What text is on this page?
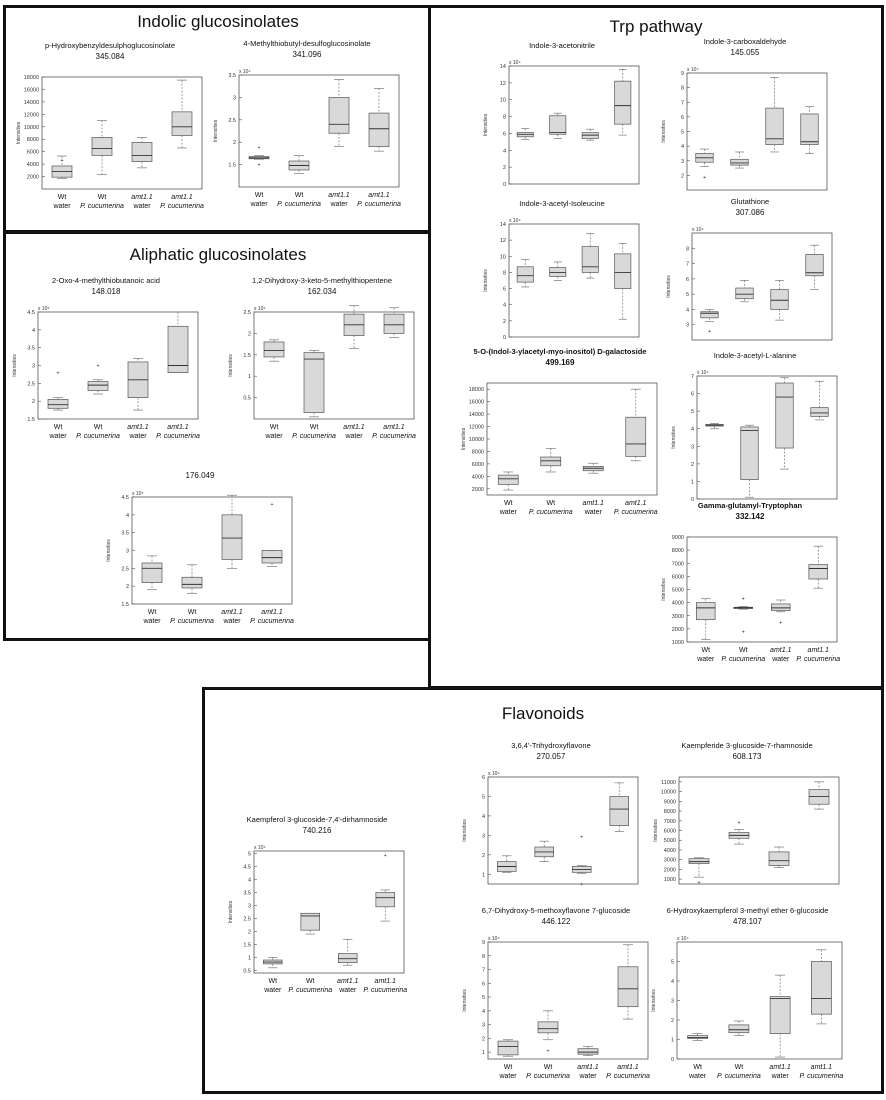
Indolic glucosinolates
Aliphatic glucosinolates
Trp pathway
Flavonoids
p-Hydroxybenzyldesulphoglucosinolate
345.084
Intensities
2000
4000
6000
8000
10000
12000
14000
16000
18000
+
Wt
water
Wt
P. cucumerina
amt1.1
water
amt1.1
P. cucumerina
4-Methylthiobutyl-desulfoglucosinolate
341.096
x 10⁴
Intensities
1.5
2
2.5
3
3.5
+
+
Wt
water
Wt
P. cucumerina
amt1.1
water
amt1.1
P. cucumerina
2-Oxo-4-methylthiobutanoic acid
148.018
x 10⁵
Intensities
1.5
2
2.5
3
3.5
4
4.5
+
Wt
water
+
Wt
P. cucumerina
amt1.1
water
amt1.1
P. cucumerina
1,2-Dihydroxy-3-keto-5-methylthiopentene
162.034
x 10⁴
Intensities
0.5
1
1.5
2
2.5
Wt
water
Wt
P. cucumerina
amt1.1
water
amt1.1
P. cucumerina
176.049
x 10⁵
Intensities
1.5
2
2.5
3
3.5
4
4.5
Wt
water
Wt
P. cucumerina
amt1.1
water
+
amt1.1
P. cucumerina
Indole-3-acetonitrile
x 10⁴
Intensities
0
2
4
6
8
10
12
14
Indole-3-carboxaldehyde
145.055
x 10⁴
Intensities
2
3
4
5
6
7
8
9
+
Indole-3-acetyl-Isoleucine
x 10⁴
Intensities
0
2
4
6
8
10
12
14
Glutathione
307.086
x 10⁴
Intensities
3
4
5
6
7
8
+
5-O-(Indol-3-ylacetyl-myo-inositol) D-galactoside
499.169
Intensities
2000
4000
6000
8000
10000
12000
14000
16000
18000
Wt
water
Wt
P. cucumerina
amt1.1
water
amt1.1
P. cucumerina
Indole-3-acetyl-L-alanine
x 10⁴
Intensities
0
1
2
3
4
5
6
7
Gamma-glutamyl-Tryptophan
332.142
Intensities
1000
2000
3000
4000
5000
6000
7000
8000
9000
Wt
water
+
+
Wt
P. cucumerina
+
amt1.1
water
amt1.1
P. cucumerina
Kaempferol 3-glucoside-7,4'-dirhamnoside
740.216
x 10⁴
Intensities
0.5
1
1.5
2
2.5
3
3.5
4
4.5
5
Wt
water
Wt
P. cucumerina
amt1.1
water
+
amt1.1
P. cucumerina
3,6,4'-Trihydroxyflavone
270.057
x 10⁴
Intensities
1
2
3
4
5
6
+
+
Kaempferide 3-glucoside-7-rhamnoside
608.173
Intensities
1000
2000
3000
4000
5000
6000
7000
8000
9000
10000
11000
+
+
6,7-Dihydroxy-5-methoxyflavone 7-glucoside
446.122
x 10⁴
Intensities
1
2
3
4
5
6
7
8
9
Wt
water
+
Wt
P. cucumerina
amt1.1
water
amt1.1
P. cucumerina
6-Hydroxykaempferol 3-methyl ether 6-glucoside
478.107
x 10⁴
Intensities
0
1
2
3
4
5
Wt
water
Wt
P. cucumerina
amt1.1
water
amt1.1
P. cucumerina
